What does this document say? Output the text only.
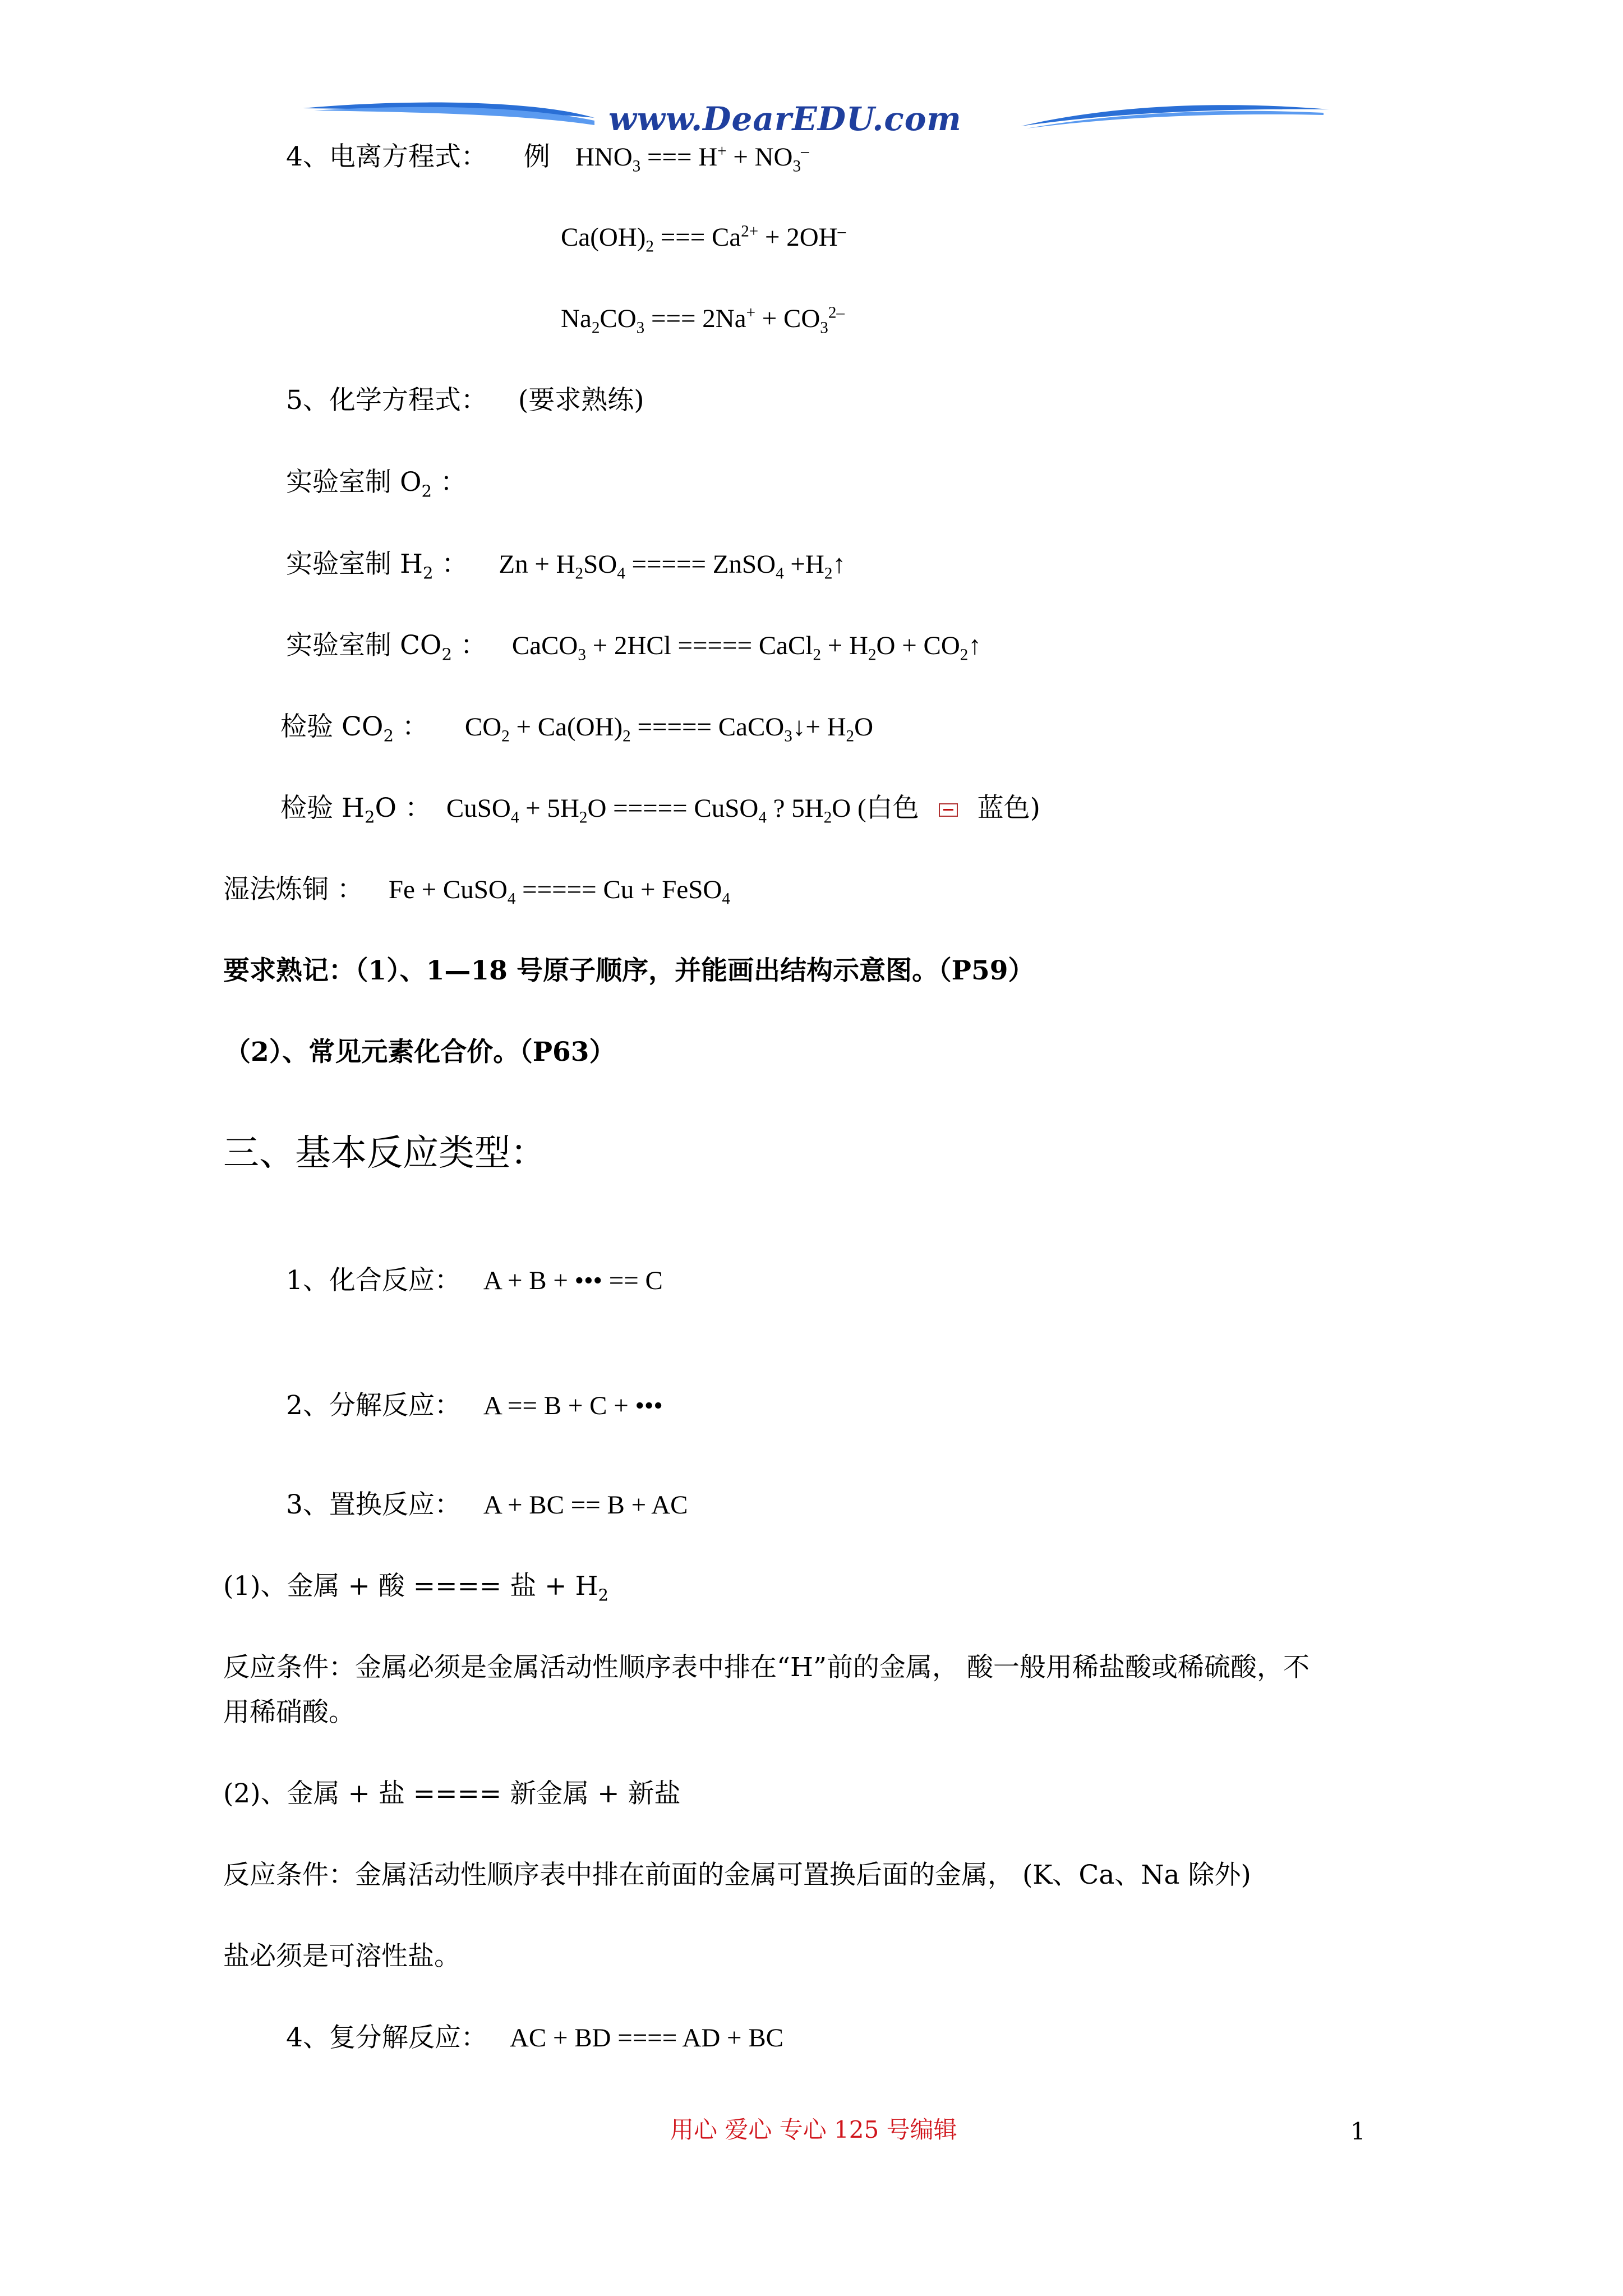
www.DearEDU.com
4、电离方程式： 例 $HNO_3$ === $H^+ + NO_3^-$
$Ca(OH)_2$ === $Ca^{2+} + 2OH^-$
$Na_2CO_3$ === $2Na^+ + CO_3^{2-}$
5、化学方程式： (要求熟练)
实验室制 $O_2$ ：
实验室制 $H_2$ ： $Zn + H_2SO_4$ ===== ZnSO$_4$ $+H_2↑$
实验室制 $CO_2$ ： CaCO$_3$ + 2HCl ===== CaCl$_2$ + $H_2O$ + $CO_2↑$
检验 $CO_2$ ： $CO_2 + Ca(OH)_2$ ===== CaCO$_3$↓+ $H_2O$
检验 $H_2O$ ： CuSO$_4$ + $5H_2O$ ===== CuSO$_4$ ? $5H_2O$ (白色 蓝色)
湿法炼铜 ： Fe + CuSO$_4$ ===== Cu + FeSO$_4$
要求熟记：（1）、1—18 号原子顺序，并能画出结构示意图。（P59）
（2）、常见元素化合价。（P63）
三、基本反应类型：
1、化合反应： A + B + ••• == C
2、分解反应： A == B + C + •••
3、置换反应： A + BC == B + AC
(1)、金属 + 酸 ==== 盐 + $H_2$
反应条件：金属必须是金属活动性顺序表中排在“H”前的金属， 酸一般用稀盐酸或稀硫酸，不
用稀硝酸。
(2)、金属 + 盐 ==== 新金属 + 新盐
反应条件：金属活动性顺序表中排在前面的金属可置换后面的金属， (K、Ca、Na 除外)
盐必须是可溶性盐。
4、复分解反应： AC + BD ==== AD + BC
用心 爱心 专心 125 号编辑	1
